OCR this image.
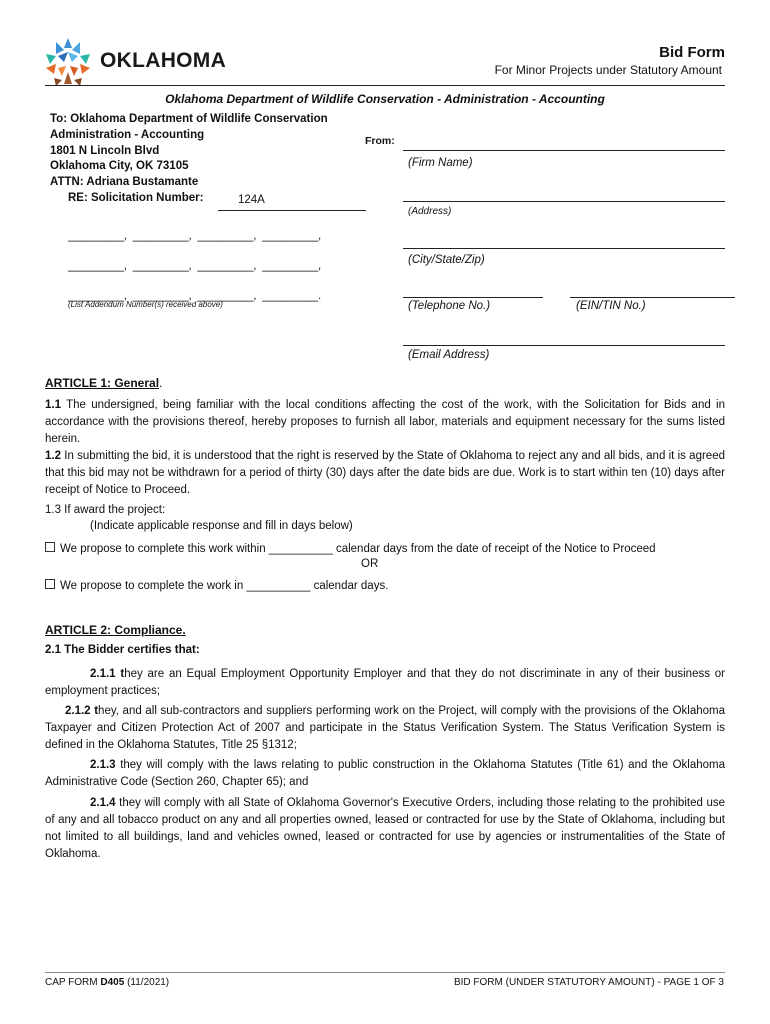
OKLAHOMA	Bid Form
For Minor Projects under Statutory Amount
Oklahoma Department of Wildlife Conservation - Administration - Accounting
To: Oklahoma Department of Wildlife Conservation
Administration - Accounting
1801 N Lincoln Blvd
Oklahoma City, OK 73105
ATTN: Adriana Bustamante
RE: Solicitation Number:	124A
_________,  _________,  _________,  _________,
_________,  _________,  _________,  _________,
_________,  _________,  _________,  _________.
(List Addendum Number(s) received above)
From:
(Firm Name)
(Address)
(City/State/Zip)
(Telephone No.)	(EIN/TIN No.)
(Email Address)
ARTICLE 1: General.
1.1 The undersigned, being familiar with the local conditions affecting the cost of the work, with the Solicitation for Bids and in accordance with the provisions thereof, hereby proposes to furnish all labor, materials and equipment necessary for the sums listed herein.
1.2 In submitting the bid, it is understood that the right is reserved by the State of Oklahoma to reject any and all bids, and it is agreed that this bid may not be withdrawn for a period of thirty (30) days after the date bids are due. Work is to start within ten (10) days after receipt of Notice to Proceed.
1.3 If award the project:
(Indicate applicable response and fill in days below)
We propose to complete this work within __________ calendar days from the date of receipt of the Notice to Proceed
OR
We propose to complete the work in __________ calendar days.
ARTICLE 2: Compliance.
2.1 The Bidder certifies that:
2.1.1 they are an Equal Employment Opportunity Employer and that they do not discriminate in any of their business or employment practices;
2.1.2 they, and all sub-contractors and suppliers performing work on the Project, will comply with the provisions of the Oklahoma Taxpayer and Citizen Protection Act of 2007 and participate in the Status Verification System. The Status Verification System is defined in the Oklahoma Statutes, Title 25 §1312;
2.1.3 they will comply with the laws relating to public construction in the Oklahoma Statutes (Title 61) and the Oklahoma Administrative Code (Section 260, Chapter 65); and
2.1.4 they will comply with all State of Oklahoma Governor's Executive Orders, including those relating to the prohibited use of any and all tobacco product on any and all properties owned, leased or contracted for use by the State of Oklahoma, including but not limited to all buildings, land and vehicles owned, leased or contracted for use by agencies or instrumentalities of the State of Oklahoma.
CAP FORM D405 (11/2021)	BID FORM (UNDER STATUTORY AMOUNT) - PAGE 1 OF 3
